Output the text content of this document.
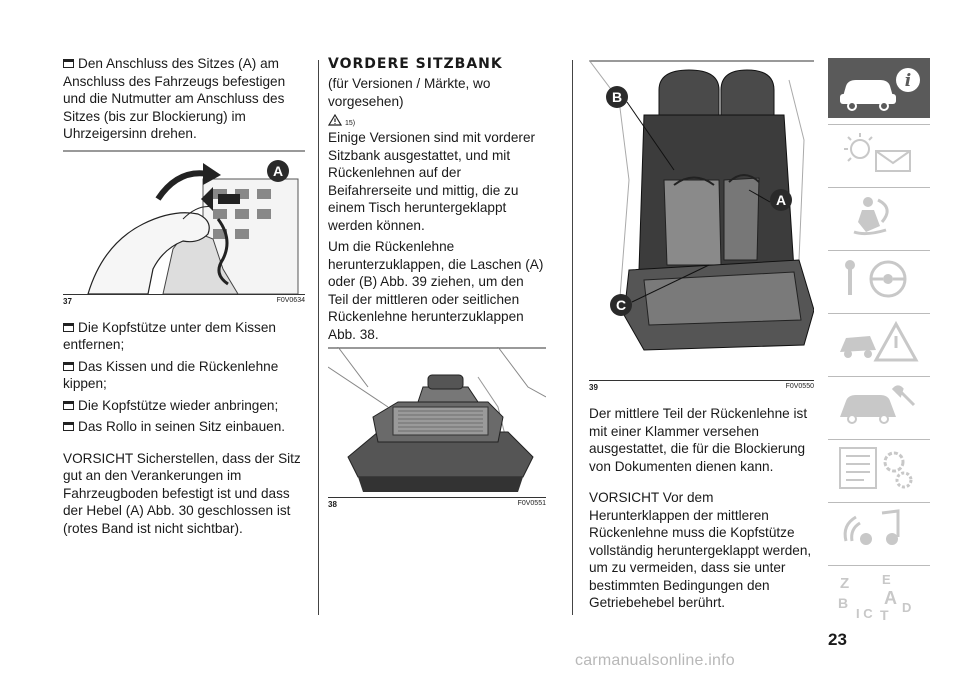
Den Anschluss des Sitzes (A) am Anschluss des Fahrzeugs befestigen und die Nutmutter am Anschluss des Sitzes (bis zur Blockierung) im Uhrzeigersinn drehen.

A
37	F0V0634

Die Kopfstütze unter dem Kissen entfernen;

Das Kissen und die Rückenlehne kippen;

Die Kopfstütze wieder anbringen;

Das Rollo in seinen Sitz einbauen.

VORSICHT Sicherstellen, dass der Sitz gut an den Verankerungen im Fahrzeugboden befestigt ist und dass der Hebel (A) Abb. 30 geschlossen ist (rotes Band ist nicht sichtbar).

VORDERE SITZBANK

(für Versionen / Märkte, wo vorgesehen)

15)

Einige Versionen sind mit vorderer Sitzbank ausgestattet, und mit Rückenlehnen auf der Beifahrerseite und mittig, die zu einem Tisch heruntergeklappt werden können.

Um die Rückenlehne herunterzuklappen, die Laschen (A) oder (B) Abb. 39 ziehen, um den Teil der mittleren oder seitlichen Rückenlehne herunterzuklappen Abb. 38.

38	F0V0551
B
A
C
39	F0V0550

Der mittlere Teil der Rückenlehne ist mit einer Klammer versehen ausgestattet, die für die Blockierung von Dokumenten dienen kann.

VORSICHT Vor dem Herunterklappen der mittleren Rückenlehne muss die Kopfstütze vollständig heruntergeklappt werden, um zu vermeiden, dass sie unter bestimmten Bedingungen den Getriebehebel berührt.

i
Z	E
B A
I C T D
23
carmanualsonline.info
